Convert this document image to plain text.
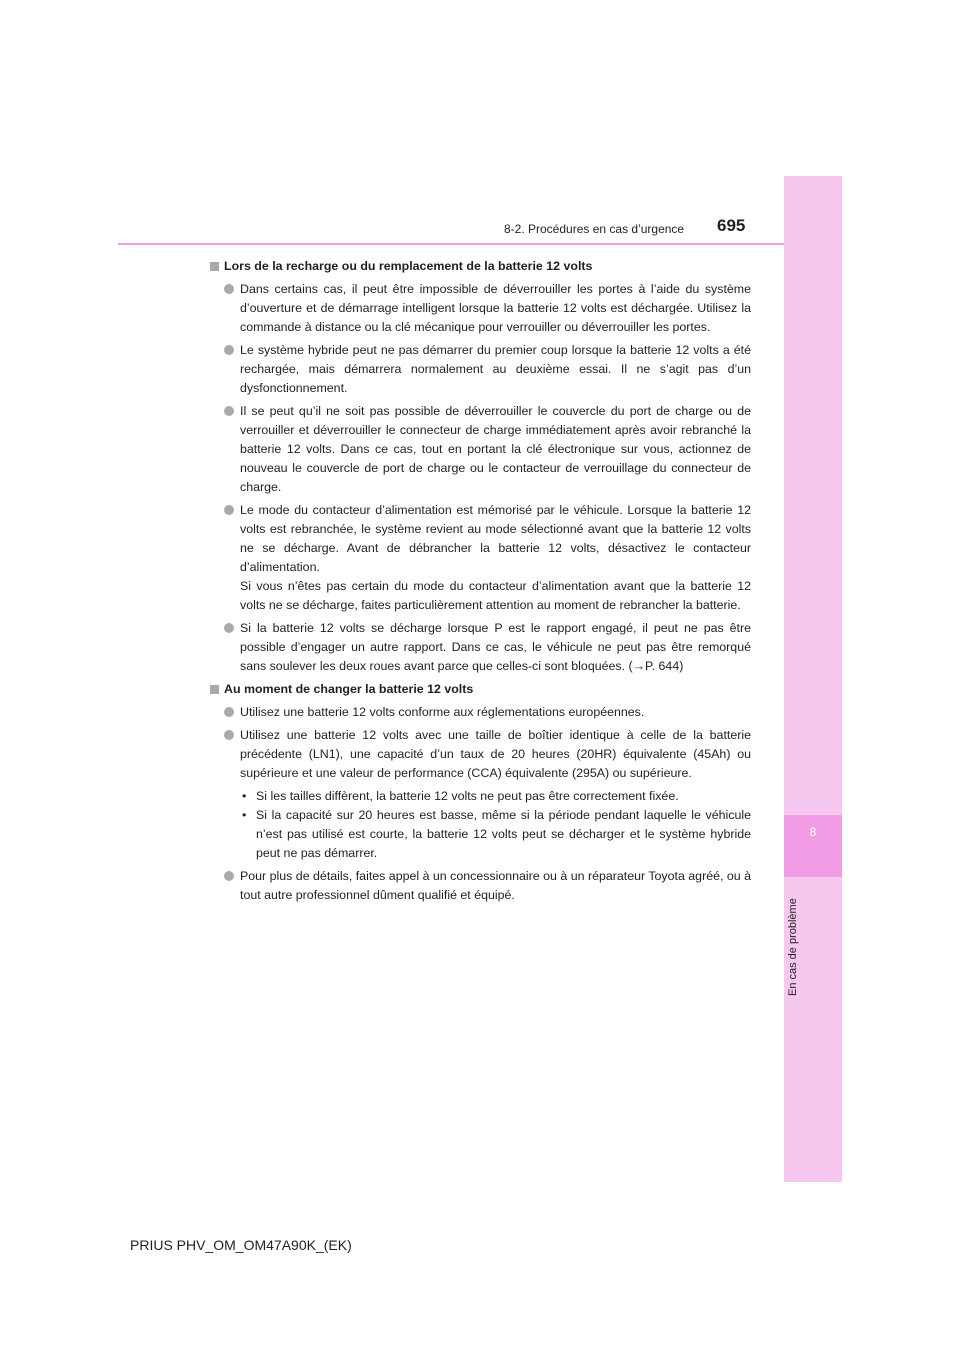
8
En cas de problème
8-2. Procédures en cas d’urgence 695
Lors de la recharge ou du remplacement de la batterie 12 volts
Dans certains cas, il peut être impossible de déverrouiller les portes à l’aide du système d’ouverture et de démarrage intelligent lorsque la batterie 12 volts est déchargée. Utilisez la commande à distance ou la clé mécanique pour verrouiller ou déverrouiller les portes.
Le système hybride peut ne pas démarrer du premier coup lorsque la batterie 12 volts a été rechargée, mais démarrera normalement au deuxième essai. Il ne s’agit pas d’un dysfonctionnement.
Il se peut qu’il ne soit pas possible de déverrouiller le couvercle du port de charge ou de verrouiller et déverrouiller le connecteur de charge immédiatement après avoir rebranché la batterie 12 volts. Dans ce cas, tout en portant la clé électronique sur vous, actionnez de nouveau le couvercle de port de charge ou le contacteur de verrouillage du connecteur de charge.
Le mode du contacteur d’alimentation est mémorisé par le véhicule. Lorsque la batterie 12 volts est rebranchée, le système revient au mode sélectionné avant que la batterie 12 volts ne se décharge. Avant de débrancher la batterie 12 volts, désactivez le contacteur d’alimentation.
Si vous n’êtes pas certain du mode du contacteur d’alimentation avant que la batterie 12 volts ne se décharge, faites particulièrement attention au moment de rebrancher la batterie.
Si la batterie 12 volts se décharge lorsque P est le rapport engagé, il peut ne pas être possible d’engager un autre rapport. Dans ce cas, le véhicule ne peut pas être remorqué sans soulever les deux roues avant parce que celles-ci sont bloquées. (→P. 644)
Au moment de changer la batterie 12 volts
Utilisez une batterie 12 volts conforme aux réglementations européennes.
Utilisez une batterie 12 volts avec une taille de boîtier identique à celle de la batterie précédente (LN1), une capacité d’un taux de 20 heures (20HR) équivalente (45Ah) ou supérieure et une valeur de performance (CCA) équivalente (295A) ou supérieure.
• Si les tailles diffèrent, la batterie 12 volts ne peut pas être correctement fixée.
• Si la capacité sur 20 heures est basse, même si la période pendant laquelle le véhicule n’est pas utilisé est courte, la batterie 12 volts peut se décharger et le système hybride peut ne pas démarrer.
Pour plus de détails, faites appel à un concessionnaire ou à un réparateur Toyota agréé, ou à tout autre professionnel dûment qualifié et équipé.
PRIUS PHV_OM_OM47A90K_(EK)
